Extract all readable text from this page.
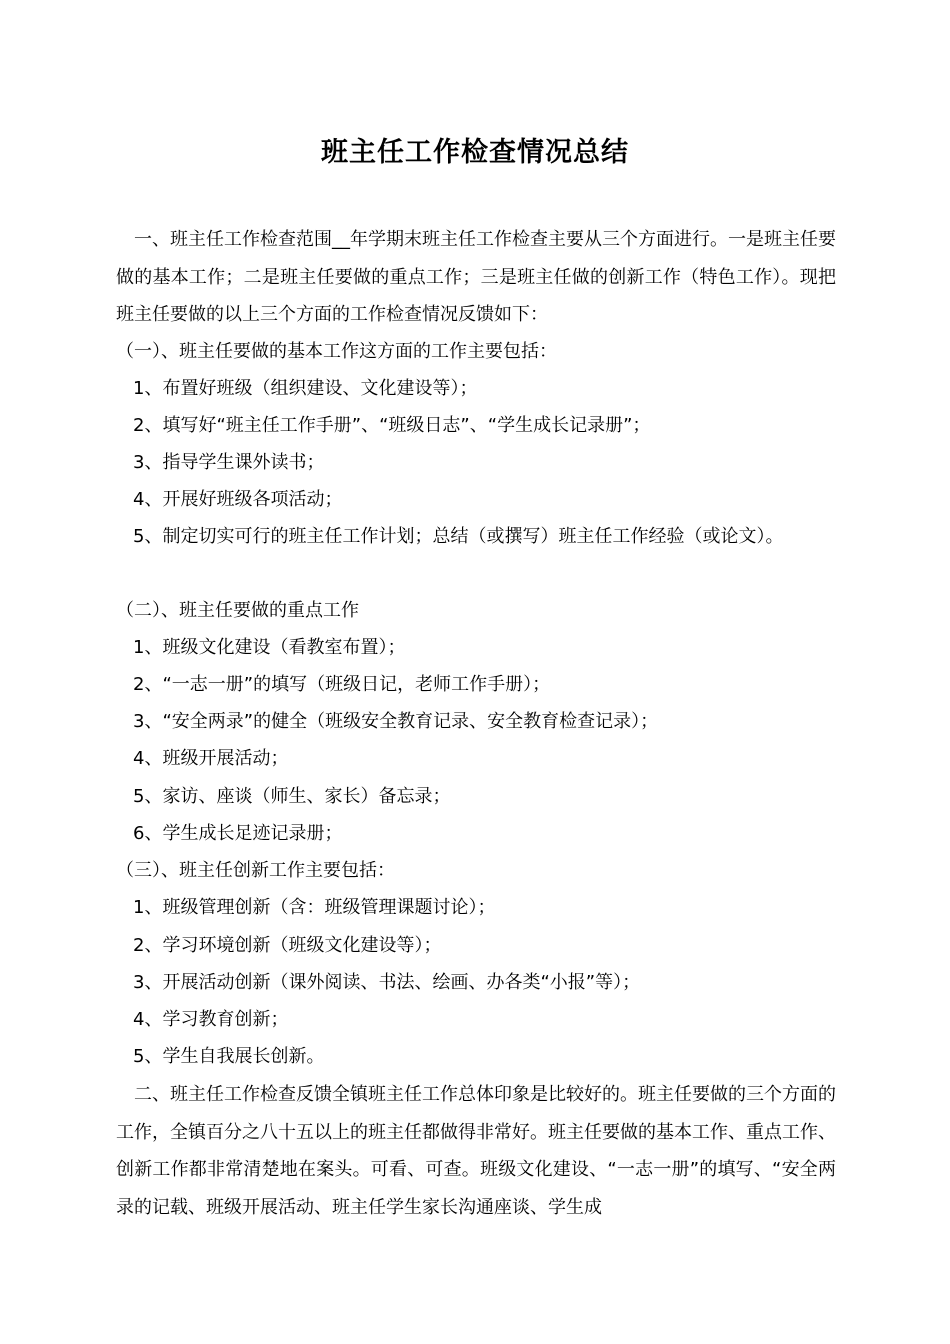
班主任工作检查情况总结
一、班主任工作检查范围__年学期末班主任工作检查主要从三个方面进行。一是班主任要做的基本工作；二是班主任要做的重点工作；三是班主任做的创新工作（特色工作）。现把班主任要做的以上三个方面的工作检查情况反馈如下：
（一）、班主任要做的基本工作这方面的工作主要包括：
1、布置好班级（组织建设、文化建设等）；
2、填写好“班主任工作手册”、“班级日志”、“学生成长记录册”；
3、指导学生课外读书；
4、开展好班级各项活动；
5、制定切实可行的班主任工作计划；总结（或撰写）班主任工作经验（或论文）。
（二）、班主任要做的重点工作
1、班级文化建设（看教室布置）；
2、“一志一册”的填写（班级日记，老师工作手册）；
3、“安全两录”的健全（班级安全教育记录、安全教育检查记录）；
4、班级开展活动；
5、家访、座谈（师生、家长）备忘录；
6、学生成长足迹记录册；
（三）、班主任创新工作主要包括：
1、班级管理创新（含：班级管理课题讨论）；
2、学习环境创新（班级文化建设等）；
3、开展活动创新（课外阅读、书法、绘画、办各类“小报”等）；
4、学习教育创新；
5、学生自我展长创新。
二、班主任工作检查反馈全镇班主任工作总体印象是比较好的。班主任要做的三个方面的工作，全镇百分之八十五以上的班主任都做得非常好。班主任要做的基本工作、重点工作、创新工作都非常清楚地在案头。可看、可查。班级文化建设、“一志一册”的填写、“安全两录的记载、班级开展活动、班主任学生家长沟通座谈、学生成
